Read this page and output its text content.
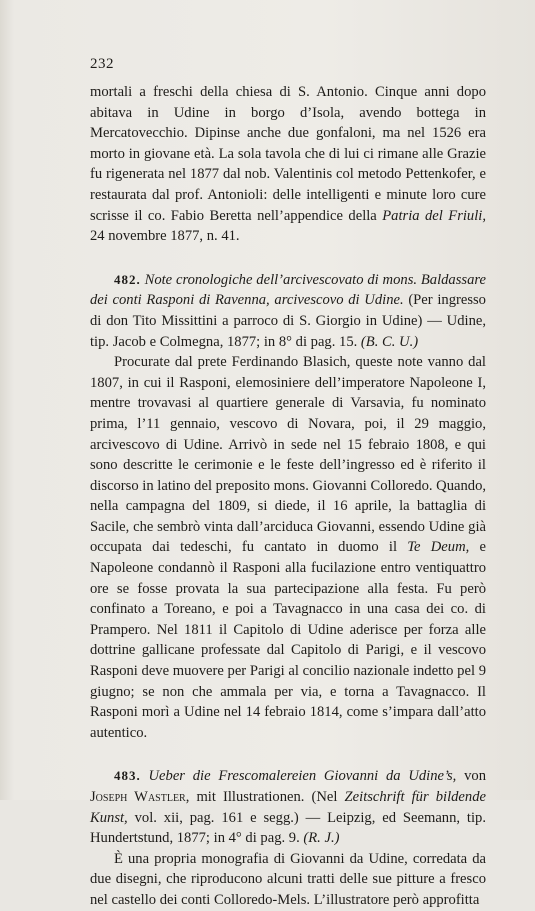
232

mortali a freschi della chiesa di S. Antonio. Cinque anni dopo abitava in Udine in borgo d’Isola, avendo bottega in Mercatovecchio. Dipinse anche due gonfaloni, ma nel 1526 era morto in giovane età. La sola tavola che di lui ci rimane alle Grazie fu rigenerata nel 1877 dal nob. Valentinis col metodo Pettenkofer, e restaurata dal prof. Antonioli: delle intelligenti e minute loro cure scrisse il co. Fabio Beretta nell’appendice della Patria del Friuli, 24 novembre 1877, n. 41.

482. Note cronologiche dell’arcivescovato di mons. Baldassare dei conti Rasponi di Ravenna, arcivescovo di Udine. (Per ingresso di don Tito Missittini a parroco di S. Giorgio in Udine) — Udine, tip. Jacob e Colmegna, 1877; in 8° di pag. 15. (B. C. U.)

Procurate dal prete Ferdinando Blasich, queste note vanno dal 1807, in cui il Rasponi, elemosiniere dell’imperatore Napoleone I, mentre trovavasi al quartiere generale di Varsavia, fu nominato prima, l’11 gennaio, vescovo di Novara, poi, il 29 maggio, arcivescovo di Udine. Arrivò in sede nel 15 febraio 1808, e qui sono descritte le cerimonie e le feste dell’ingresso ed è riferito il discorso in latino del preposito mons. Giovanni Colloredo. Quando, nella campagna del 1809, si diede, il 16 aprile, la battaglia di Sacile, che sembrò vinta dall’arciduca Giovanni, essendo Udine già occupata dai tedeschi, fu cantato in duomo il Te Deum, e Napoleone condannò il Rasponi alla fucilazione entro ventiquattro ore se fosse provata la sua partecipazione alla festa. Fu però confinato a Toreano, e poi a Tavagnacco in una casa dei co. di Prampero. Nel 1811 il Capitolo di Udine aderisce per forza alle dottrine gallicane professate dal Capitolo di Parigi, e il vescovo Rasponi deve muovere per Parigi al concilio nazionale indetto pel 9 giugno; se non che ammala per via, e torna a Tavagnacco. Il Rasponi morì a Udine nel 14 febraio 1814, come s’impara dall’atto autentico.

483. Ueber die Frescomalereien Giovanni da Udine’s, von Joseph Wastler, mit Illustrationen. (Nel Zeitschrift für bildende Kunst, vol. xii, pag. 161 e segg.) — Leipzig, ed Seemann, tip. Hundertstund, 1877; in 4° di pag. 9. (R. J.)

È una propria monografia di Giovanni da Udine, corredata da due disegni, che riproducono alcuni tratti delle sue pitture a fresco nel castello dei conti Colloredo-Mels. L’illustratore però approfitta
